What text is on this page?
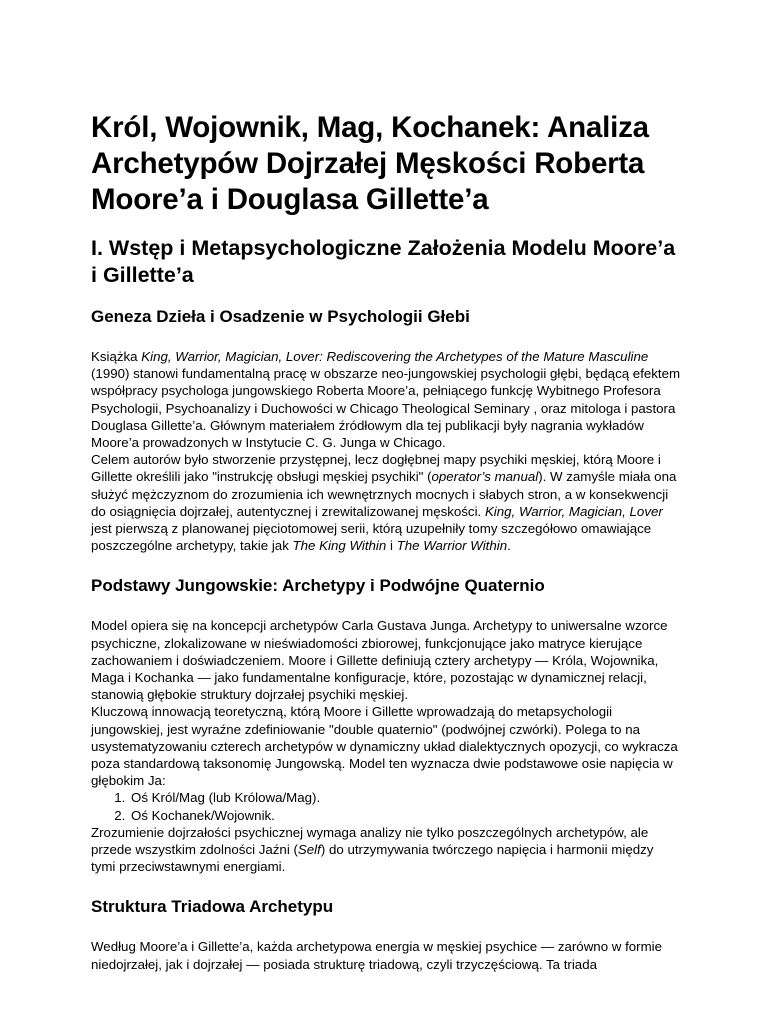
Król, Wojownik, Mag, Kochanek: Analiza Archetypów Dojrzałej Męskości Roberta Moore’a i Douglasa Gillette’a
I. Wstęp i Metapsychologiczne Założenia Modelu Moore’a i Gillette’a
Geneza Dzieła i Osadzenie w Psychologii Głebi

Książka King, Warrior, Magician, Lover: Rediscovering the Archetypes of the Mature Masculine (1990) stanowi fundamentalną pracę w obszarze neo-jungowskiej psychologii głębi, będącą efektem współpracy psychologa jungowskiego Roberta Moore’a, pełniącego funkcję Wybitnego Profesora Psychologii, Psychoanalizy i Duchowości w Chicago Theological Seminary , oraz mitologa i pastora Douglasa Gillette’a. Głównym materiałem źródłowym dla tej publikacji były nagrania wykładów Moore’a prowadzonych w Instytucie C. G. Junga w Chicago.

Celem autorów było stworzenie przystępnej, lecz dogłębnej mapy psychiki męskiej, którą Moore i Gillette określili jako "instrukcję obsługi męskiej psychiki" (operator’s manual). W zamyśle miała ona służyć mężczyznom do zrozumienia ich wewnętrznych mocnych i słabych stron, a w konsekwencji do osiągnięcia dojrzałej, autentycznej i zrewitalizowanej męskości. King, Warrior, Magician, Lover jest pierwszą z planowanej pięciotomowej serii, którą uzupełniły tomy szczegółowo omawiające poszczególne archetypy, takie jak The King Within i The Warrior Within.

Podstawy Jungowskie: Archetypy i Podwójne Quaternio

Model opiera się na koncepcji archetypów Carla Gustava Junga. Archetypy to uniwersalne wzorce psychiczne, zlokalizowane w nieświadomości zbiorowej, funkcjonujące jako matryce kierujące zachowaniem i doświadczeniem. Moore i Gillette definiują cztery archetypy — Króla, Wojownika, Maga i Kochanka — jako fundamentalne konfiguracje, które, pozostając w dynamicznej relacji, stanowią głębokie struktury dojrzałej psychiki męskiej.

Kluczową innowacją teoretyczną, którą Moore i Gillette wprowadzają do metapsychologii jungowskiej, jest wyraźne zdefiniowanie "double quaternio" (podwójnej czwórki). Polega to na usystematyzowaniu czterech archetypów w dynamiczny układ dialektycznych opozycji, co wykracza poza standardową taksonomię Jungowską. Model ten wyznacza dwie podstawowe osie napięcia w głębokim Ja:

1. Oś Król/Mag (lub Królowa/Mag).
2. Oś Kochanek/Wojownik.

Zrozumienie dojrzałości psychicznej wymaga analizy nie tylko poszczególnych archetypów, ale przede wszystkim zdolności Jaźni (Self) do utrzymywania twórczego napięcia i harmonii między tymi przeciwstawnymi energiami.

Struktura Triadowa Archetypu

Według Moore’a i Gillette’a, każda archetypowa energia w męskiej psychice — zarówno w formie niedojrzałej, jak i dojrzałej — posiada strukturę triadową, czyli trzyczęściową. Ta triada
